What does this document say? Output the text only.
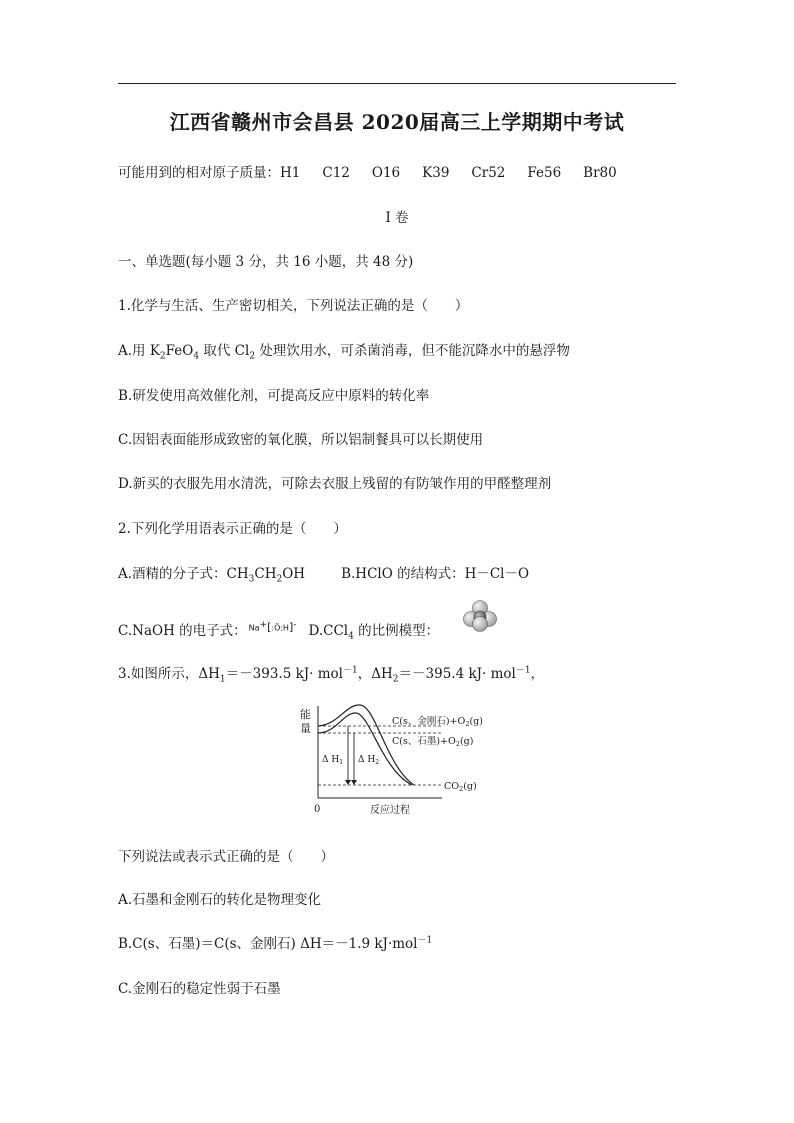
江西省赣州市会昌县 2020届高三上学期期中考试
可能用到的相对原子质量：H1 C12 O16 K39 Cr52 Fe56 Br80
I 卷
一、单选题(每小题 3 分，共 16 小题，共 48 分)
1.化学与生活、生产密切相关，下列说法正确的是（　　）
A.用 $K_2FeO_4$ 取代 $Cl_2$ 处理饮用水，可杀菌消毒，但不能沉降水中的悬浮物
B.研发使用高效催化剂，可提高反应中原料的转化率
C.因铝表面能形成致密的氧化膜，所以铝制餐具可以长期使用
D.新买的衣服先用水清洗，可除去衣服上残留的有防皱作用的甲醛整理剂
2.下列化学用语表示正确的是（　　）
A.酒精的分子式：$CH_3CH_2OH$	B.HClO 的结构式：H－Cl－O
C.NaOH 的电子式： Na+[:Ö:H]- D.CCl$_4$ 的比例模型：
3.如图所示，$\Delta H_1=-393.5$ kJ· mol$^{-1}$，$\Delta H_2=-395.4$ kJ· mol$^{-1}$，
能
量
0	反应过程
Δ $H_1$ Δ $H_2$
C(s、金刚石)$+O_2(g)$
C(s、石墨)$+O_2(g)$
$CO_2(g)$
下列说法或表示式正确的是（　　）
A.石墨和金刚石的转化是物理变化
B.C(s、石墨)＝C(s、金刚石) ΔH＝－1.9 kJ·mol$^{-1}$
C.金刚石的稳定性弱于石墨
